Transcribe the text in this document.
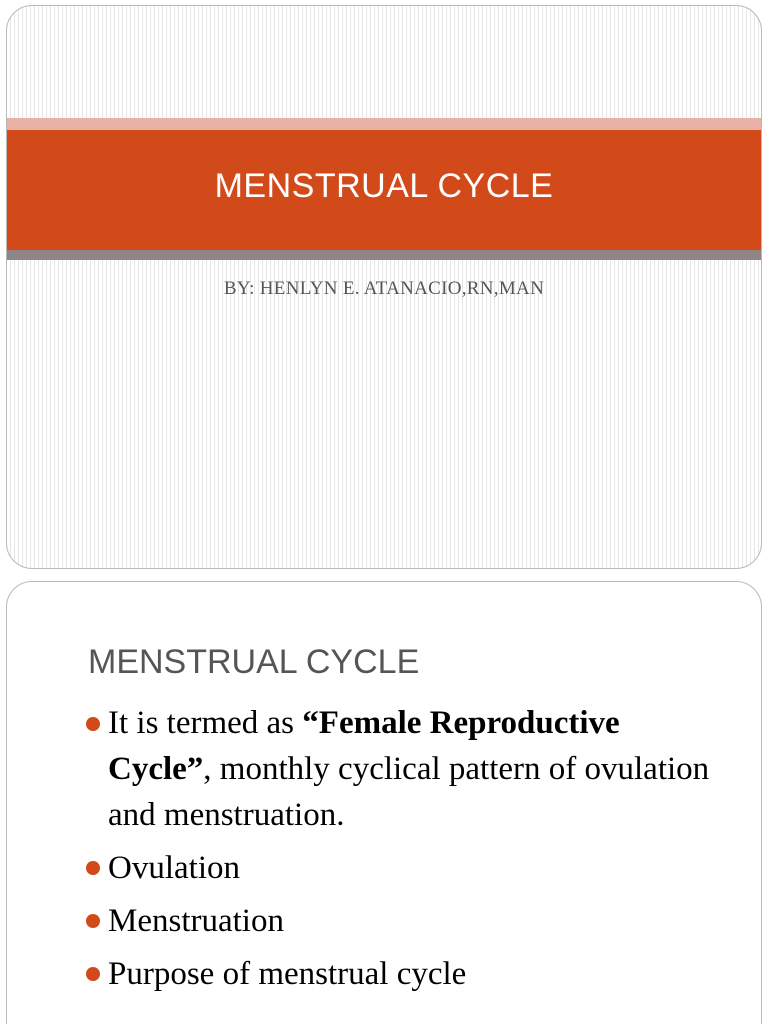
MENSTRUAL CYCLE
BY: HENLYN E. ATANACIO,RN,MAN
MENSTRUAL CYCLE
It is termed as “Female Reproductive Cycle”, monthly cyclical pattern of ovulation and menstruation.
Ovulation
Menstruation
Purpose of menstrual cycle
